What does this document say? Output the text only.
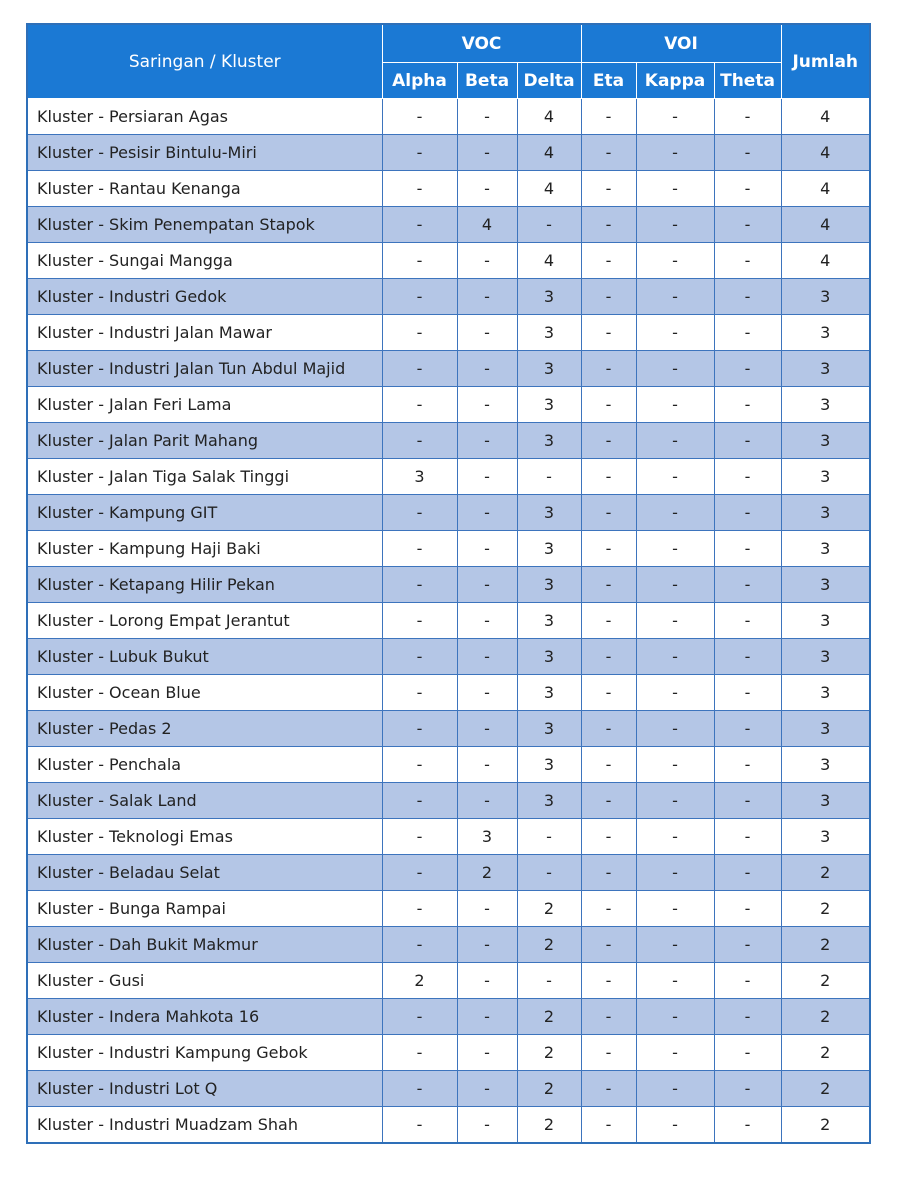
Saringan / Kluster	VOC			VOI			Jumlah
	Alpha	Beta	Delta	Eta	Kappa	Theta	
Kluster - Persiaran Agas	-	-	4	-	-	-	4
Kluster - Pesisir Bintulu-Miri	-	-	4	-	-	-	4
Kluster - Rantau Kenanga	-	-	4	-	-	-	4
Kluster - Skim Penempatan Stapok	-	4	-	-	-	-	4
Kluster - Sungai Mangga	-	-	4	-	-	-	4
Kluster - Industri Gedok	-	-	3	-	-	-	3
Kluster - Industri Jalan Mawar	-	-	3	-	-	-	3
Kluster - Industri Jalan Tun Abdul Majid	-	-	3	-	-	-	3
Kluster - Jalan Feri Lama	-	-	3	-	-	-	3
Kluster - Jalan Parit Mahang	-	-	3	-	-	-	3
Kluster - Jalan Tiga Salak Tinggi	3	-	-	-	-	-	3
Kluster - Kampung GIT	-	-	3	-	-	-	3
Kluster - Kampung Haji Baki	-	-	3	-	-	-	3
Kluster - Ketapang Hilir Pekan	-	-	3	-	-	-	3
Kluster - Lorong Empat Jerantut	-	-	3	-	-	-	3
Kluster - Lubuk Bukut	-	-	3	-	-	-	3
Kluster - Ocean Blue	-	-	3	-	-	-	3
Kluster - Pedas 2	-	-	3	-	-	-	3
Kluster - Penchala	-	-	3	-	-	-	3
Kluster - Salak Land	-	-	3	-	-	-	3
Kluster - Teknologi Emas	-	3	-	-	-	-	3
Kluster - Beladau Selat	-	2	-	-	-	-	2
Kluster - Bunga Rampai	-	-	2	-	-	-	2
Kluster - Dah Bukit Makmur	-	-	2	-	-	-	2
Kluster - Gusi	2	-	-	-	-	-	2
Kluster - Indera Mahkota 16	-	-	2	-	-	-	2
Kluster - Industri Kampung Gebok	-	-	2	-	-	-	2
Kluster - Industri Lot Q	-	-	2	-	-	-	2
Kluster - Industri Muadzam Shah	-	-	2	-	-	-	2
